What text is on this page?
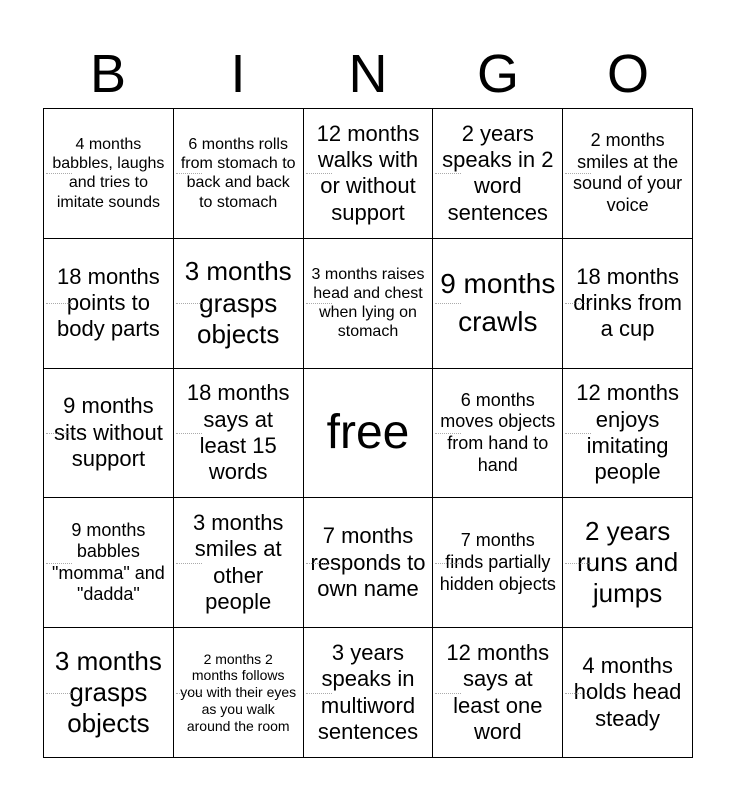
B	I	N	G	O
4 months babbles, laughs and tries to imitate sounds
6 months rolls from stomach to back and back to stomach
12 months walks with or without support
2 years speaks in 2 word sentences
2 months smiles at the sound of your voice
18 months points to body parts
3 months grasps objects
3 months raises head and chest when lying on stomach
9 months crawls
18 months drinks from a cup
9 months sits without support
18 months says at least 15 words
free
6 months moves objects from hand to hand
12 months enjoys imitating people
9 months babbles "momma" and "dadda"
3 months smiles at other people
7 months responds to own name
7 months finds partially hidden objects
2 years runs and jumps
3 months grasps objects
2 months 2 months follows you with their eyes as you walk around the room
3 years speaks in multiword sentences
12 months says at least one word
4 months holds head steady
